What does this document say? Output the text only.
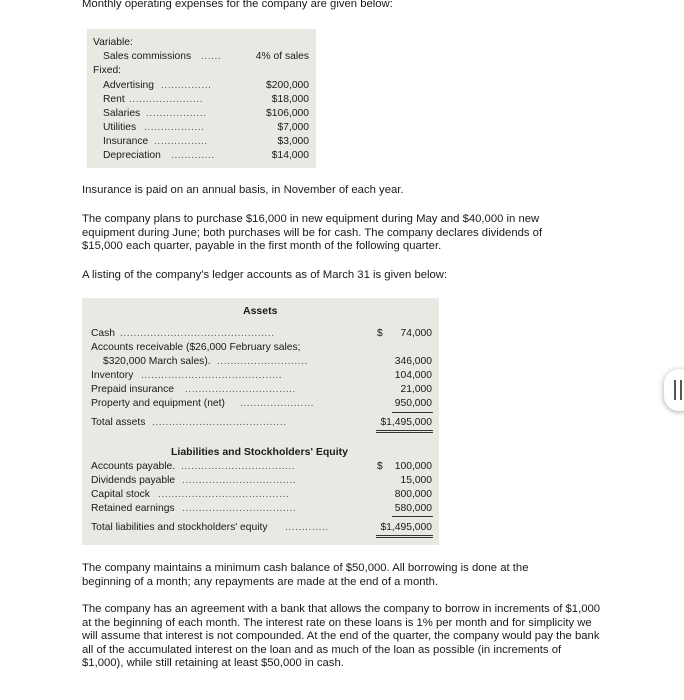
Monthly operating expenses for the company are given below:

Variable:
Sales commissions ......	4% of sales
Fixed:
Advertising ...............	$200,000
Rent ......................	$18,000
Salaries ..................	$106,000
Utilities ..................	$7,000
Insurance ................	$3,000
Depreciation .............	$14,000

Insurance is paid on an annual basis, in November of each year.

The company plans to purchase $16,000 in new equipment during May and $40,000 in new equipment during June; both purchases will be for cash. The company declares dividends of $15,000 each quarter, payable in the first month of the following quarter.

A listing of the company's ledger accounts as of March 31 is given below:

Assets
Cash ..............................................	$	74,000
Accounts receivable ($26,000 February sales;
$320,000 March sales). ...........................	346,000
Inventory ..........................................	104,000
Prepaid insurance .................................	21,000
Property and equipment (net) ......................	950,000
Total assets ........................................	$1,495,000
Liabilities and Stockholders' Equity
Accounts payable. ..................................	$	100,000
Dividends payable ..................................	15,000
Capital stock .......................................	800,000
Retained earnings ..................................	580,000
Total liabilities and stockholders' equity .............	$1,495,000

The company maintains a minimum cash balance of $50,000. All borrowing is done at the beginning of a month; any repayments are made at the end of a month.

The company has an agreement with a bank that allows the company to borrow in increments of $1,000 at the beginning of each month. The interest rate on these loans is 1% per month and for simplicity we will assume that interest is not compounded. At the end of the quarter, the company would pay the bank all of the accumulated interest on the loan and as much of the loan as possible (in increments of $1,000), while still retaining at least $50,000 in cash.
